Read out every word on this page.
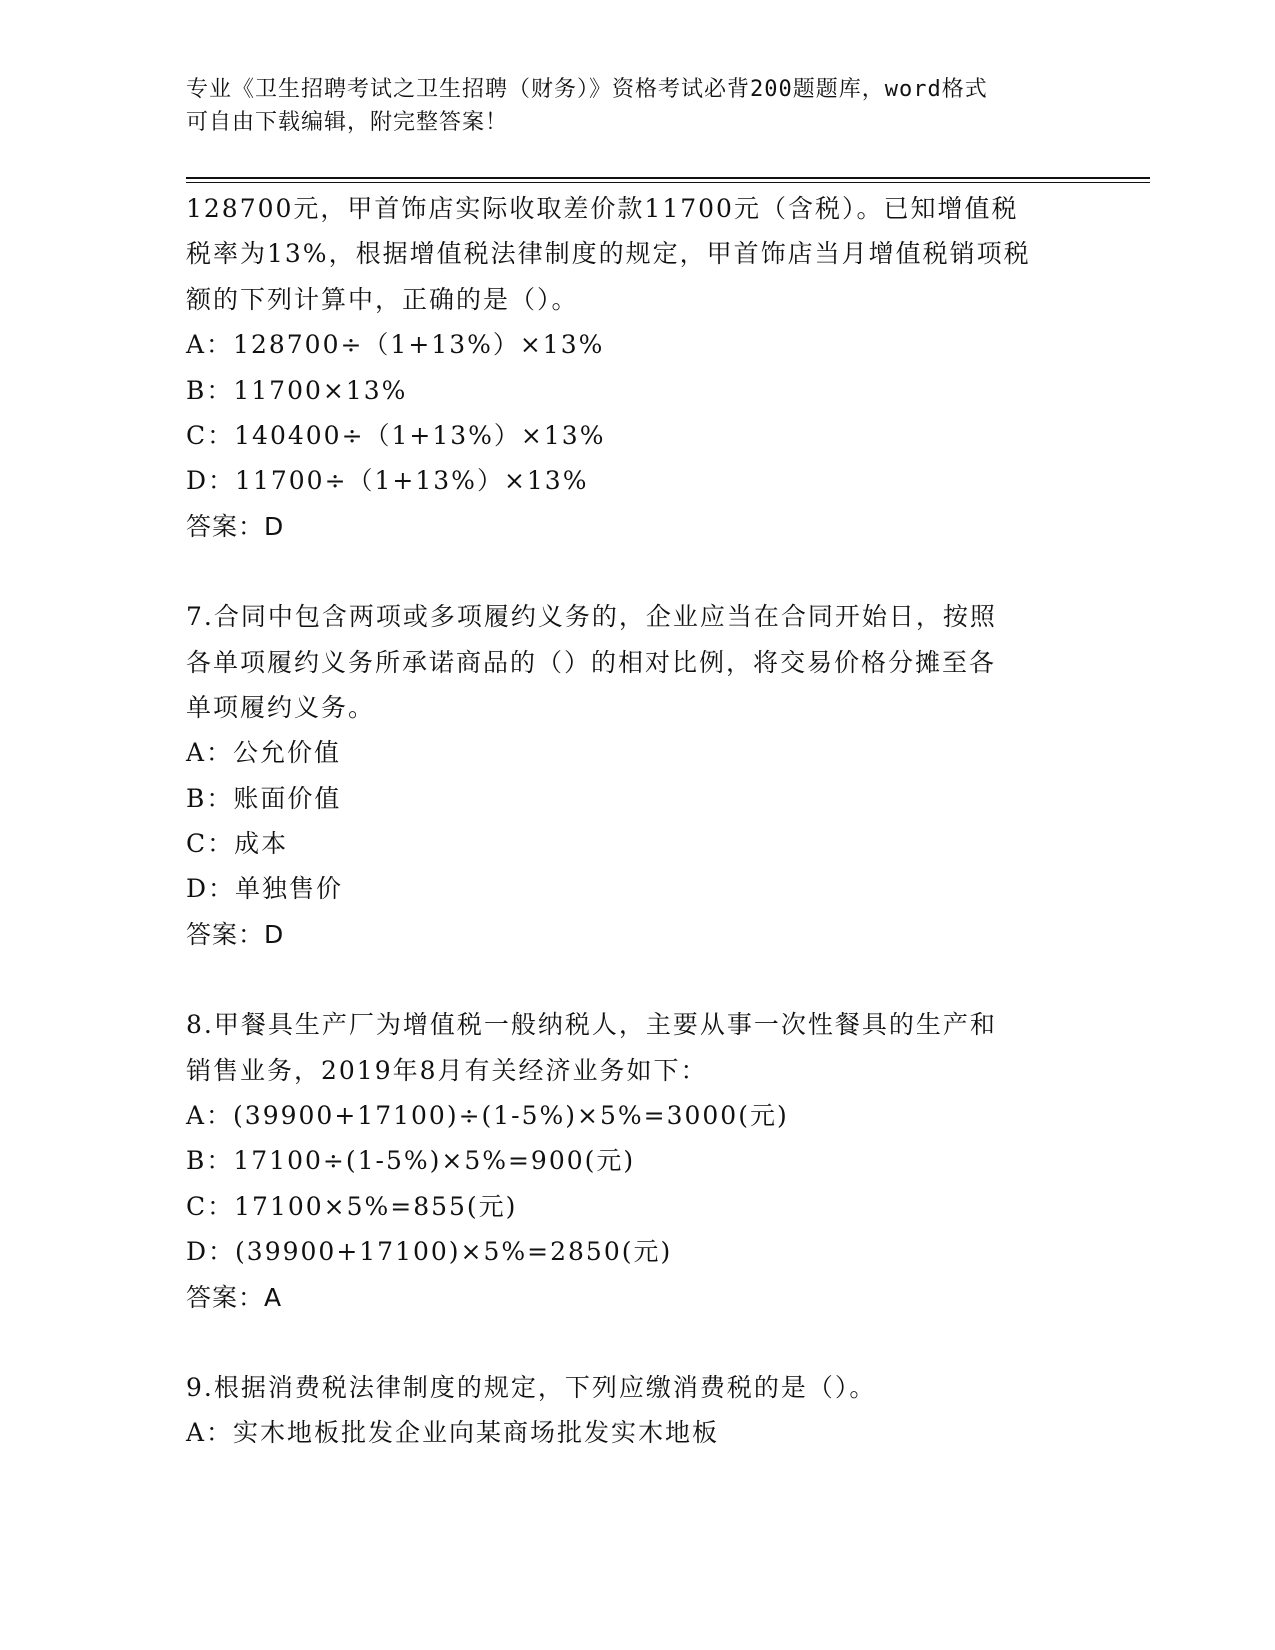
专业《卫生招聘考试之卫生招聘（财务）》资格考试必背200题题库，word格式
可自由下载编辑，附完整答案！
128700元，甲首饰店实际收取差价款11700元（含税）。已知增值税
税率为13%，根据增值税法律制度的规定，甲首饰店当月增值税销项税
额的下列计算中，正确的是（）。
A：128700÷（1+13%）×13%
B：11700×13%
C：140400÷（1+13%）×13%
D：11700÷（1+13%）×13%
答案：D
7.合同中包含两项或多项履约义务的，企业应当在合同开始日，按照
各单项履约义务所承诺商品的（）的相对比例，将交易价格分摊至各
单项履约义务。
A：公允价值
B：账面价值
C：成本
D：单独售价
答案：D
8.甲餐具生产厂为增值税一般纳税人，主要从事一次性餐具的生产和
销售业务，2019年8月有关经济业务如下：
A：(39900+17100)÷(1-5%)×5%=3000(元)
B：17100÷(1-5%)×5%=900(元)
C：17100×5%=855(元)
D：(39900+17100)×5%=2850(元)
答案：A
9.根据消费税法律制度的规定，下列应缴消费税的是（）。
A：实木地板批发企业向某商场批发实木地板
